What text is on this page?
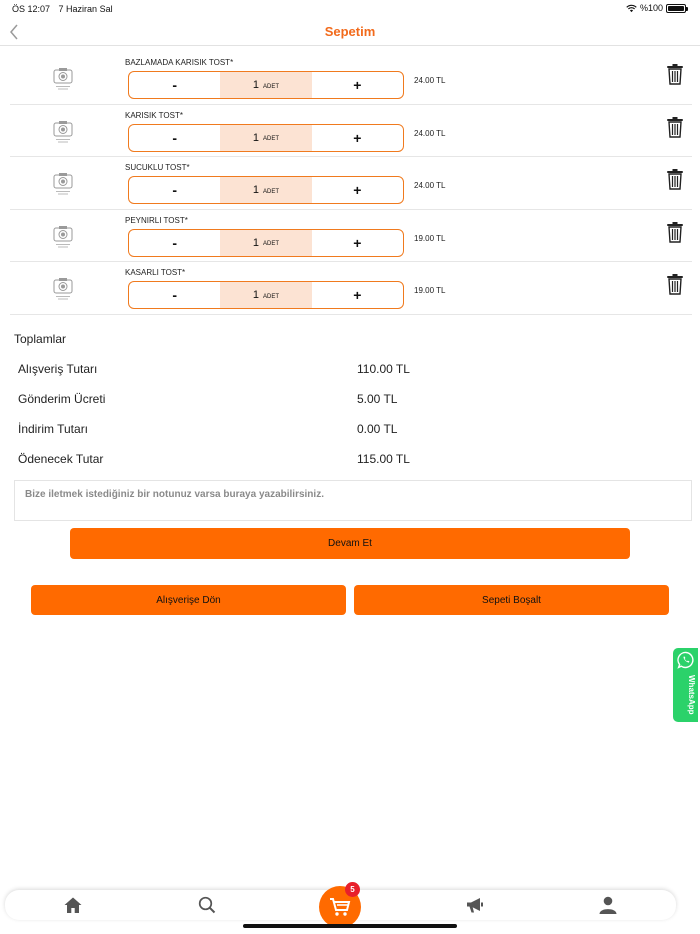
ÖS 12:07 7 Haziran Sal	%100
Sepetim
BAZLAMADA KARISIK TOST*
-	1 ADET	+	24.00 TL
KARISIK TOST*
-	1 ADET	+	24.00 TL
SUCUKLU TOST*
-	1 ADET	+	24.00 TL
PEYNIRLI TOST*
-	1 ADET	+	19.00 TL
KASARLI TOST*
-	1 ADET	+	19.00 TL
Toplamlar
Alışveriş Tutarı	110.00 TL
Gönderim Ücreti	5.00 TL
İndirim Tutarı	0.00 TL
Ödenecek Tutar	115.00 TL
Bize iletmek istediğiniz bir notunuz varsa buraya yazabilirsiniz.
Devam Et
Alışverişe Dön	Sepeti Boşalt
WhatsApp
5
